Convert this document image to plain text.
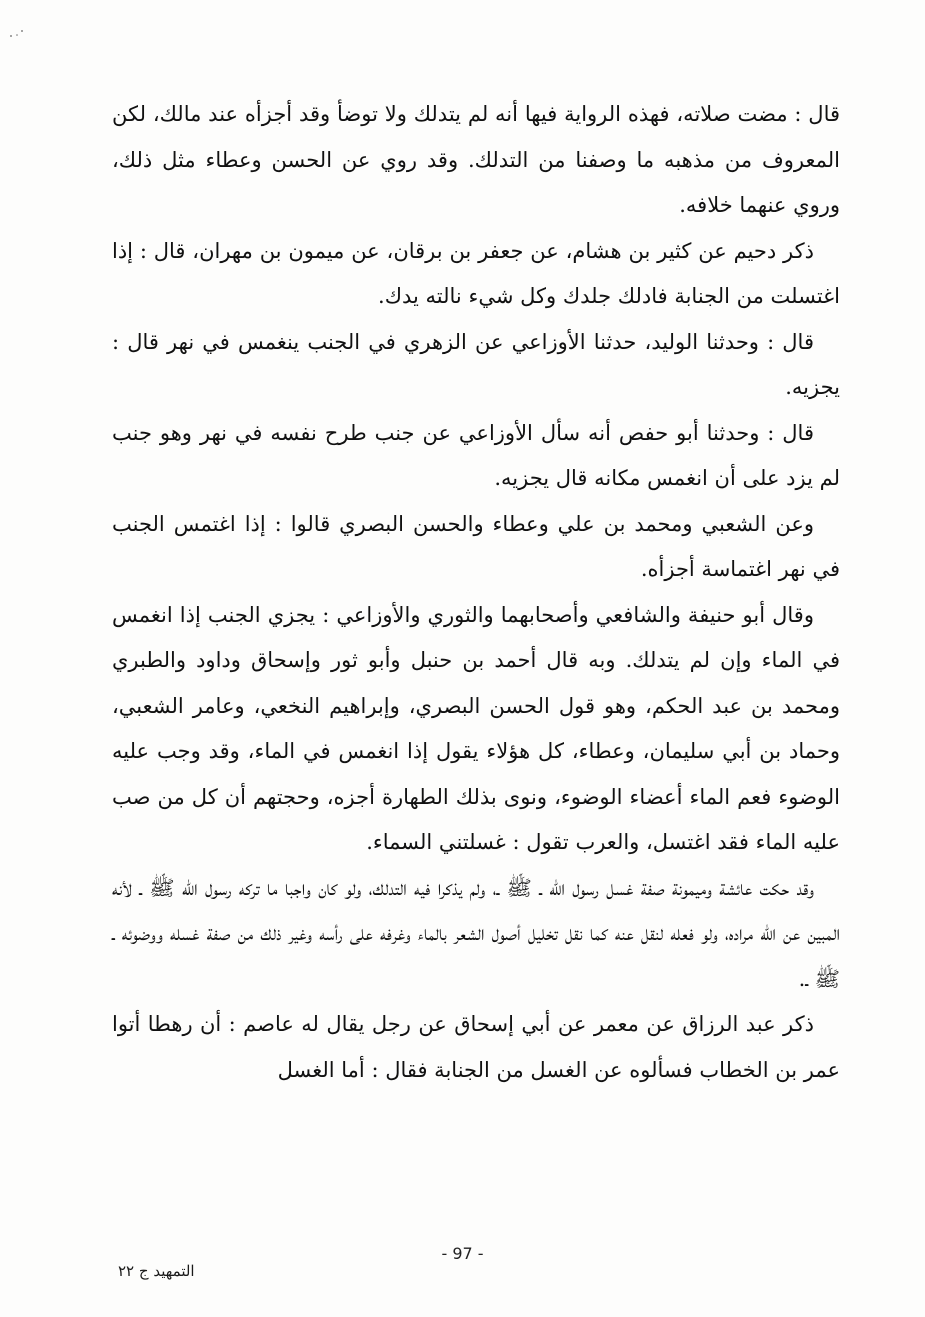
قال : مضت صلاته، فهذه الرواية فيها أنه لم يتدلك ولا توضأ وقد أجزأه عند مالك، لكن المعروف من مذهبه ما وصفنا من التدلك. وقد روي عن الحسن وعطاء مثل ذلك، وروي عنهما خلافه.

ذكر دحيم عن كثير بن هشام، عن جعفر بن برقان، عن ميمون بن مهران، قال : إذا اغتسلت من الجنابة فادلك جلدك وكل شيء نالته يدك.

قال : وحدثنا الوليد، حدثنا الأوزاعي عن الزهري في الجنب ينغمس في نهر قال : يجزيه.

قال : وحدثنا أبو حفص أنه سأل الأوزاعي عن جنب طرح نفسه في نهر وهو جنب لم يزد على أن انغمس مكانه قال يجزيه.

وعن الشعبي ومحمد بن علي وعطاء والحسن البصري قالوا : إذا اغتمس الجنب في نهر اغتماسة أجزأه.

وقال أبو حنيفة والشافعي وأصحابهما والثوري والأوزاعي : يجزي الجنب إذا انغمس في الماء وإن لم يتدلك. وبه قال أحمد بن حنبل وأبو ثور وإسحاق وداود والطبري ومحمد بن عبد الحكم، وهو قول الحسن البصري، وإبراهيم النخعي، وعامر الشعبي، وحماد بن أبي سليمان، وعطاء، كل هؤلاء يقول إذا انغمس في الماء، وقد وجب عليه الوضوء فعم الماء أعضاء الوضوء، ونوى بذلك الطهارة أجزه، وحجتهم أن كل من صب عليه الماء فقد اغتسل، والعرب تقول : غسلتني السماء.

وقد حكت عائشة وميمونة صفة غسل رسول الله ـ ﷺ ـ، ولم يذكرا فيه التدلك، ولو كان واجبا ما تركه رسول الله ﷺ ـ لأنه المبين عن الله مراده، ولو فعله لنقل عنه كما نقل تخليل أصول الشعر بالماء وغرفه على رأسه وغير ذلك من صفة غسله ووضوئه ـ ﷺ ـ.

ذكر عبد الرزاق عن معمر عن أبي إسحاق عن رجل يقال له عاصم : أن رهطا أتوا عمر بن الخطاب فسألوه عن الغسل من الجنابة فقال : أما الغسل

- 97 -
التمهيد ج ٢٢
